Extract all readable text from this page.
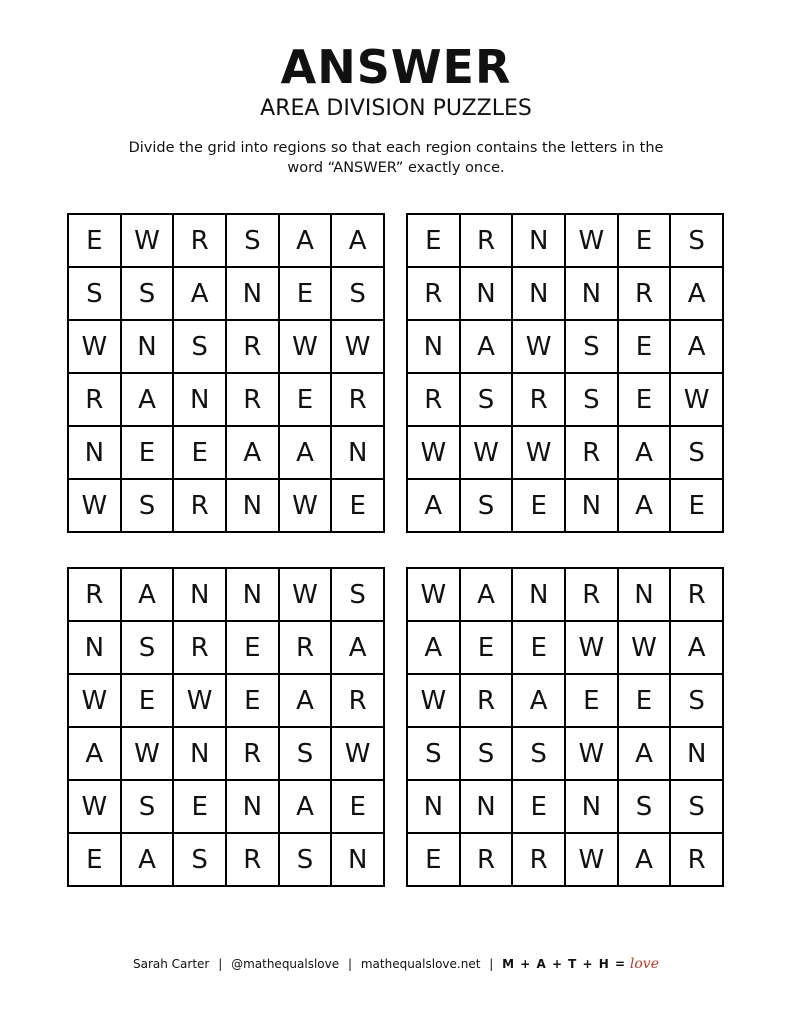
ANSWER
AREA DIVISION PUZZLES

Divide the grid into regions so that each region contains the letters in the
word “ANSWER” exactly once.

E	W	R	S	A	A
S	S	A	N	E	S
W	N	S	R	W	W
R	A	N	R	E	R
N	E	E	A	A	N
W	S	R	N	W	E
E	R	N	W	E	S
R	N	N	N	R	A
N	A	W	S	E	A
R	S	R	S	E	W
W	W	W	R	A	S
A	S	E	N	A	E
R	A	N	N	W	S
N	S	R	E	R	A
W	E	W	E	A	R
A	W	N	R	S	W
W	S	E	N	A	E
E	A	S	R	S	N
W	A	N	R	N	R
A	E	E	W	W	A
W	R	A	E	E	S
S	S	S	W	A	N
N	N	E	N	S	S
E	R	R	W	A	R
Sarah Carter | @mathequalslove | mathequalslove.net | M + A + T + H = love
